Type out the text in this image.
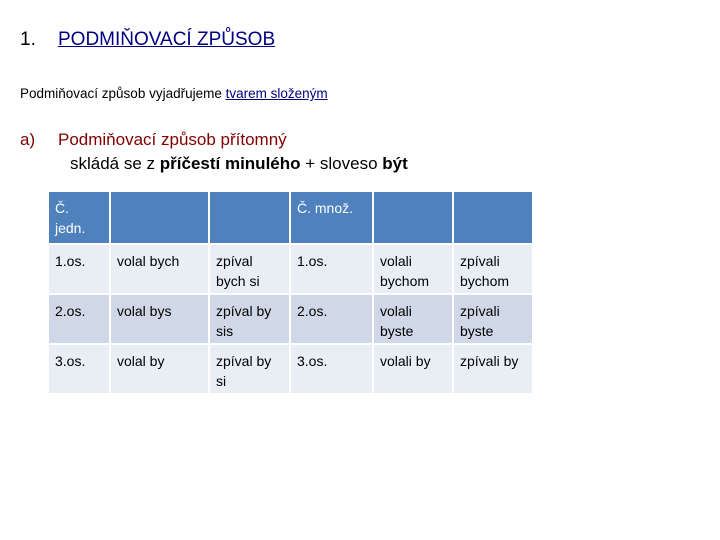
1. PODMIŇOVACÍ ZPŮSOB
Podmiňovací způsob vyjadřujeme tvarem složeným
a) Podmiňovací způsob přítomný
skládá se z příčestí minulého + sloveso být
Č. jedn.			Č. množ.		
1.os.	volal bych	zpíval bych si	1.os.	volali bychom	zpívali bychom
2.os.	volal bys	zpíval by sis	2.os.	volali byste	zpívali byste
3.os.	volal by	zpíval by si	3.os.	volali by	zpívali by
